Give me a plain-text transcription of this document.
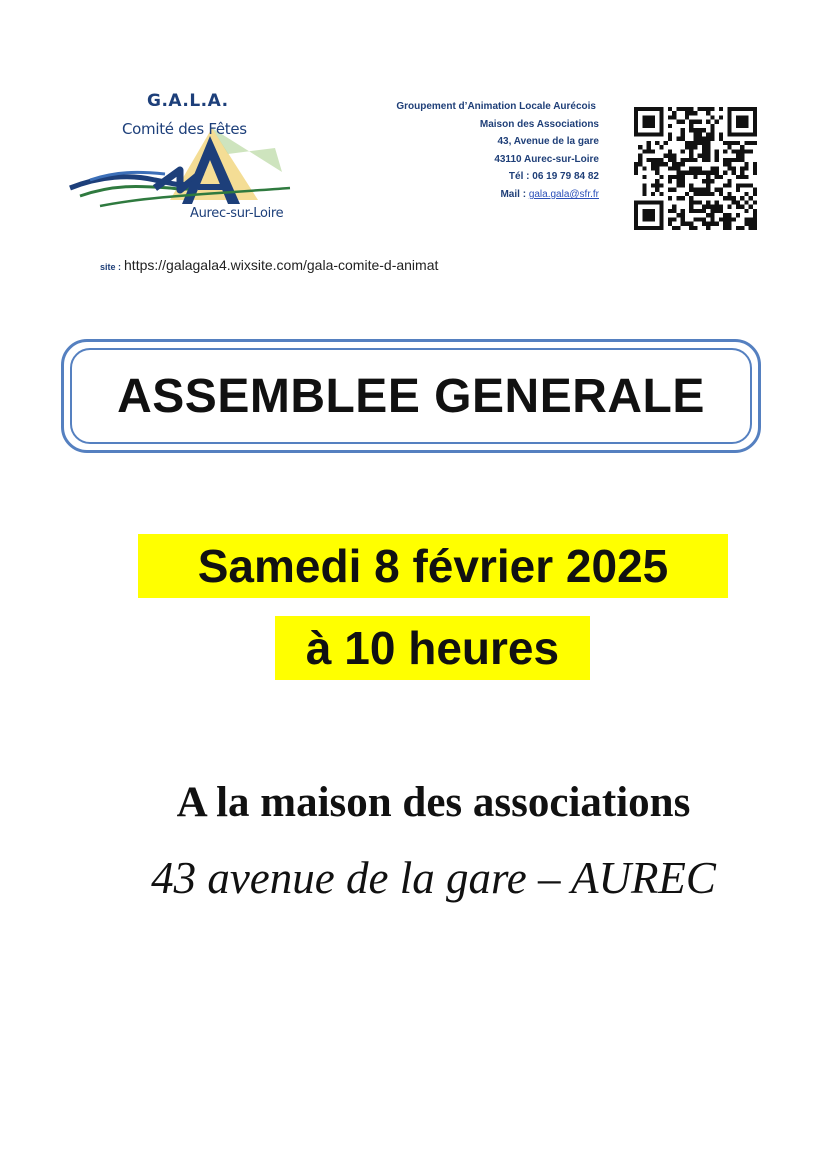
G.A.L.A.
Comité des Fêtes
Aurec-sur-Loire
Groupement d’Animation Locale Aurécois
Maison des Associations
43, Avenue de la gare
43110 Aurec-sur-Loire
Tél : 06 19 79 84 82
Mail : gala.gala@sfr.fr
site : https://galagala4.wixsite.com/gala-comite-d-animat
ASSEMBLEE GENERALE
Samedi 8 février 2025
à 10 heures
A la maison des associations
43 avenue de la gare – AUREC
